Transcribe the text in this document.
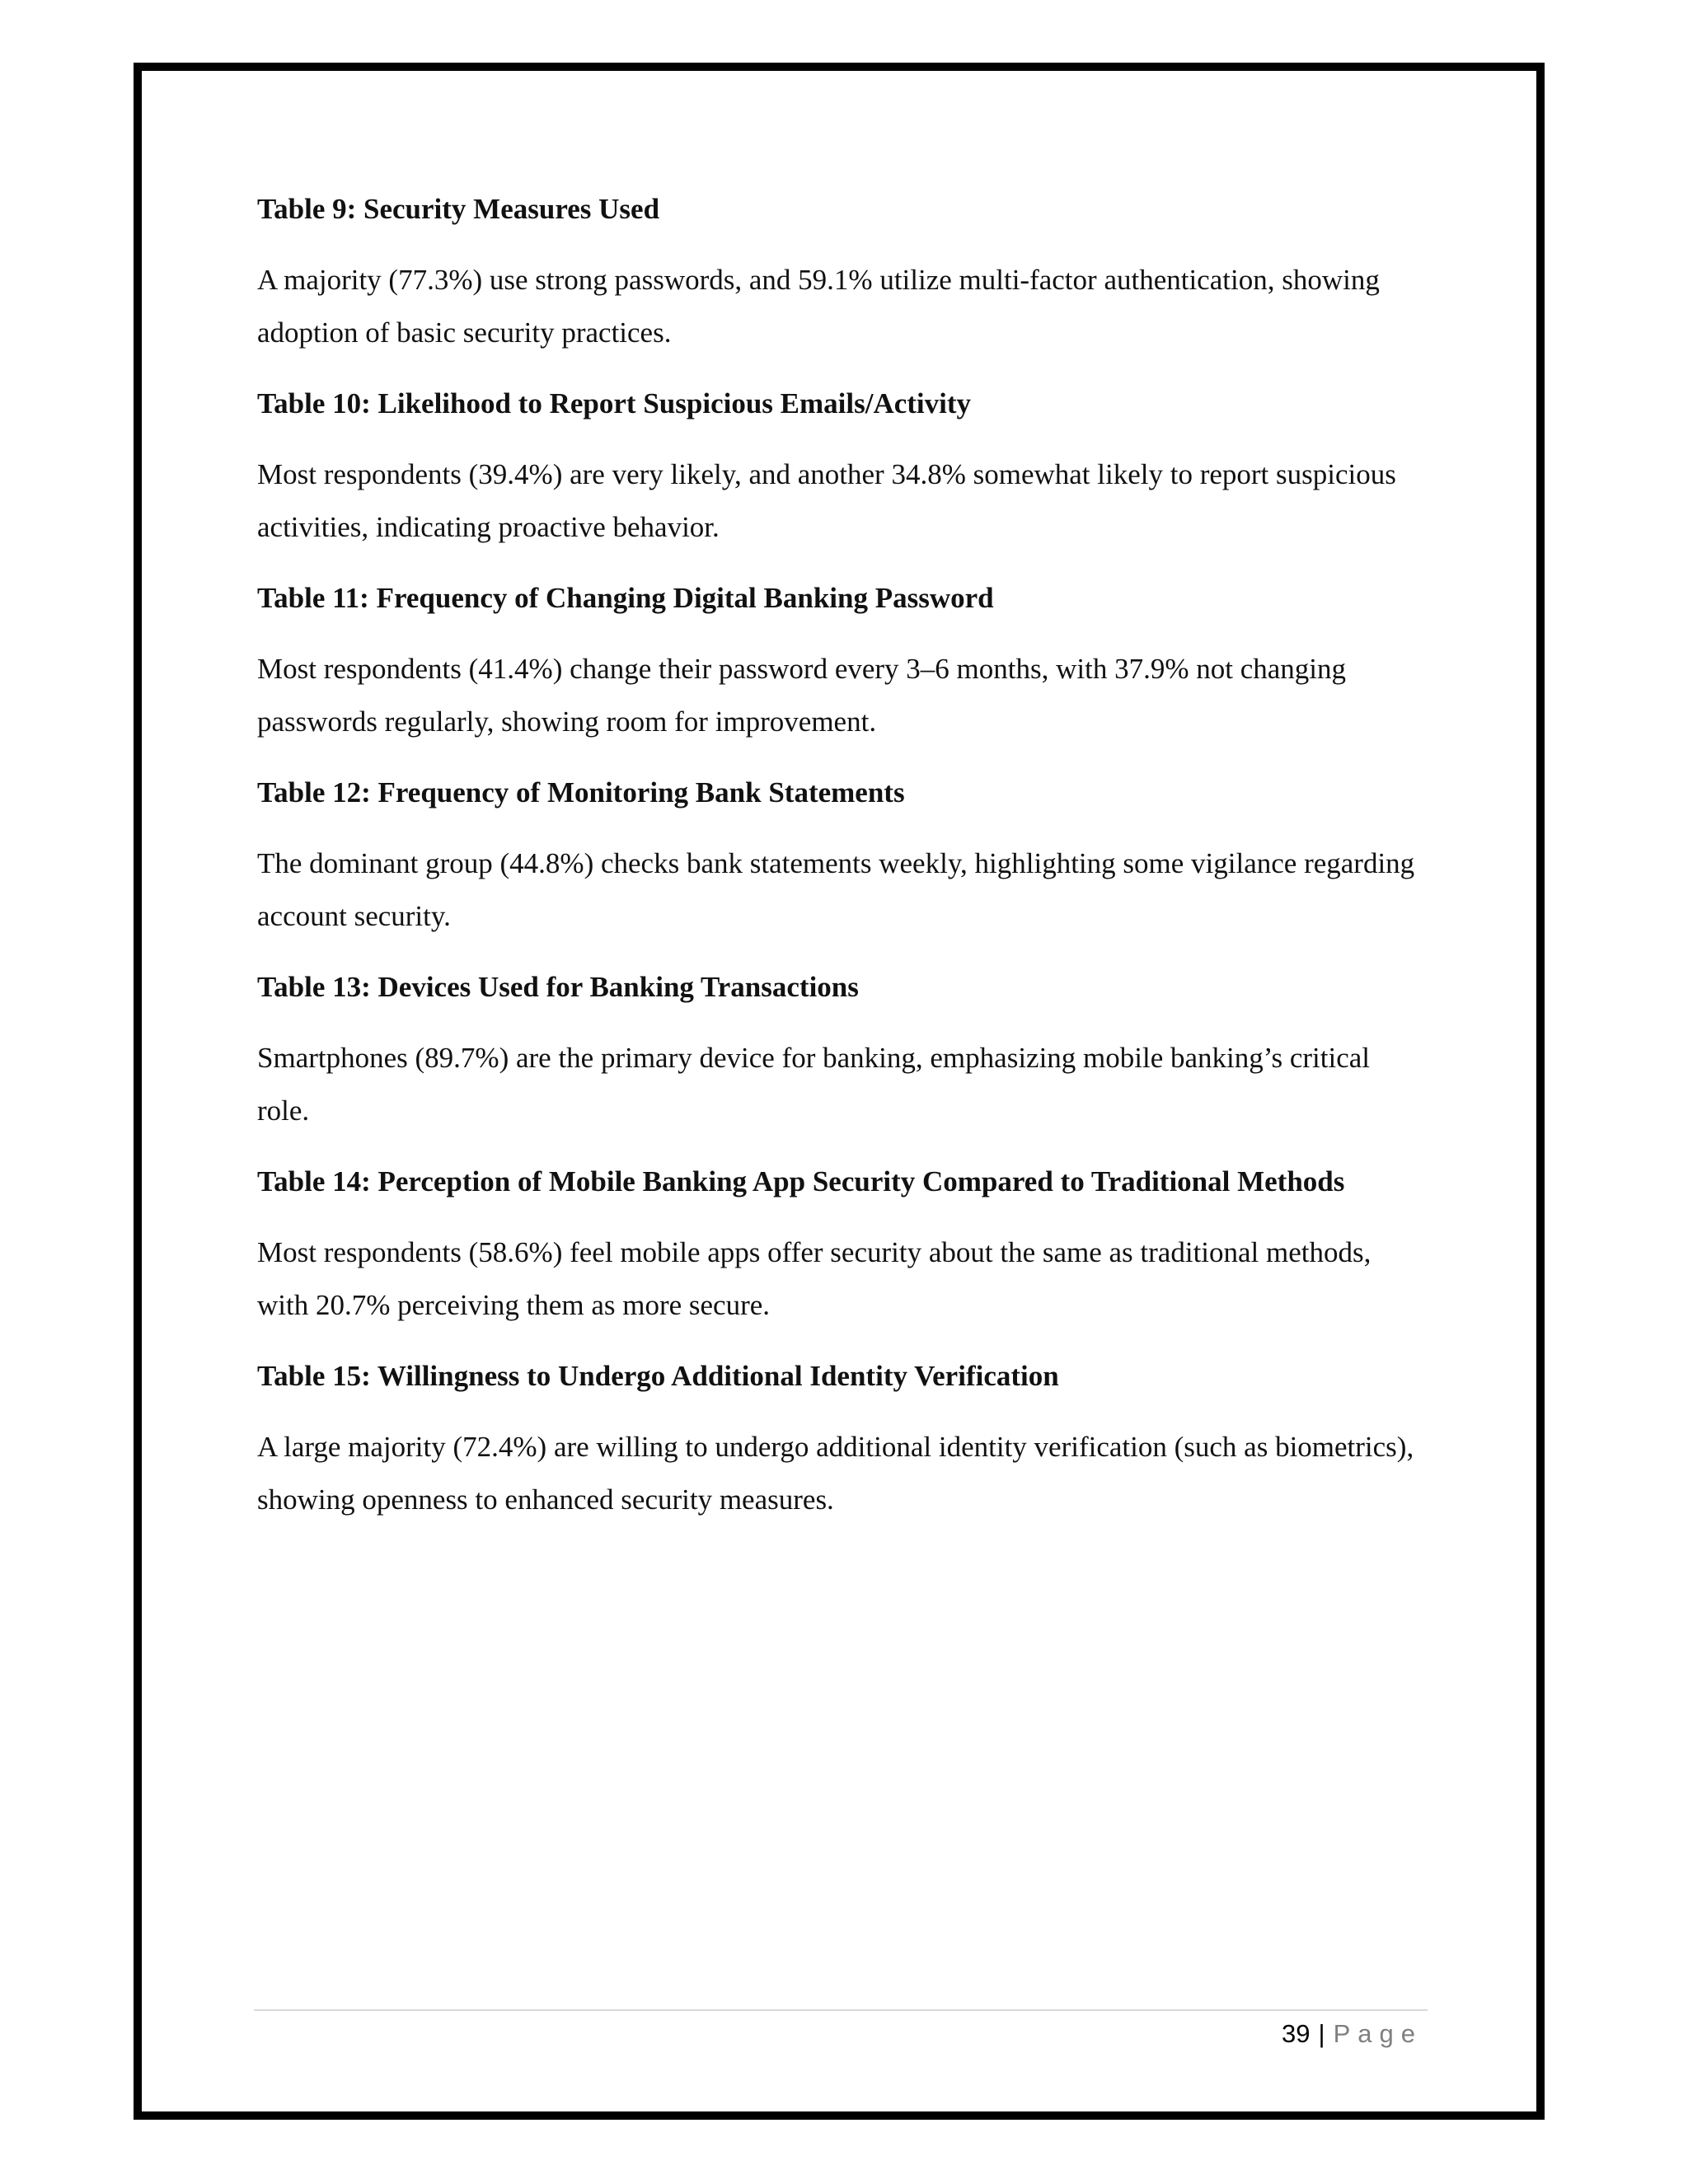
Table 9: Security Measures Used

A majority (77.3%) use strong passwords, and 59.1% utilize multi-factor authentication, showing adoption of basic security practices.

Table 10: Likelihood to Report Suspicious Emails/Activity

Most respondents (39.4%) are very likely, and another 34.8% somewhat likely to report suspicious activities, indicating proactive behavior.

Table 11: Frequency of Changing Digital Banking Password

Most respondents (41.4%) change their password every 3–6 months, with 37.9% not changing passwords regularly, showing room for improvement.

Table 12: Frequency of Monitoring Bank Statements

The dominant group (44.8%) checks bank statements weekly, highlighting some vigilance regarding account security.

Table 13: Devices Used for Banking Transactions

Smartphones (89.7%) are the primary device for banking, emphasizing mobile banking’s critical role.

Table 14: Perception of Mobile Banking App Security Compared to Traditional Methods

Most respondents (58.6%) feel mobile apps offer security about the same as traditional methods, with 20.7% perceiving them as more secure.

Table 15: Willingness to Undergo Additional Identity Verification

A large majority (72.4%) are willing to undergo additional identity verification (such as biometrics), showing openness to enhanced security measures.

39 | Page
